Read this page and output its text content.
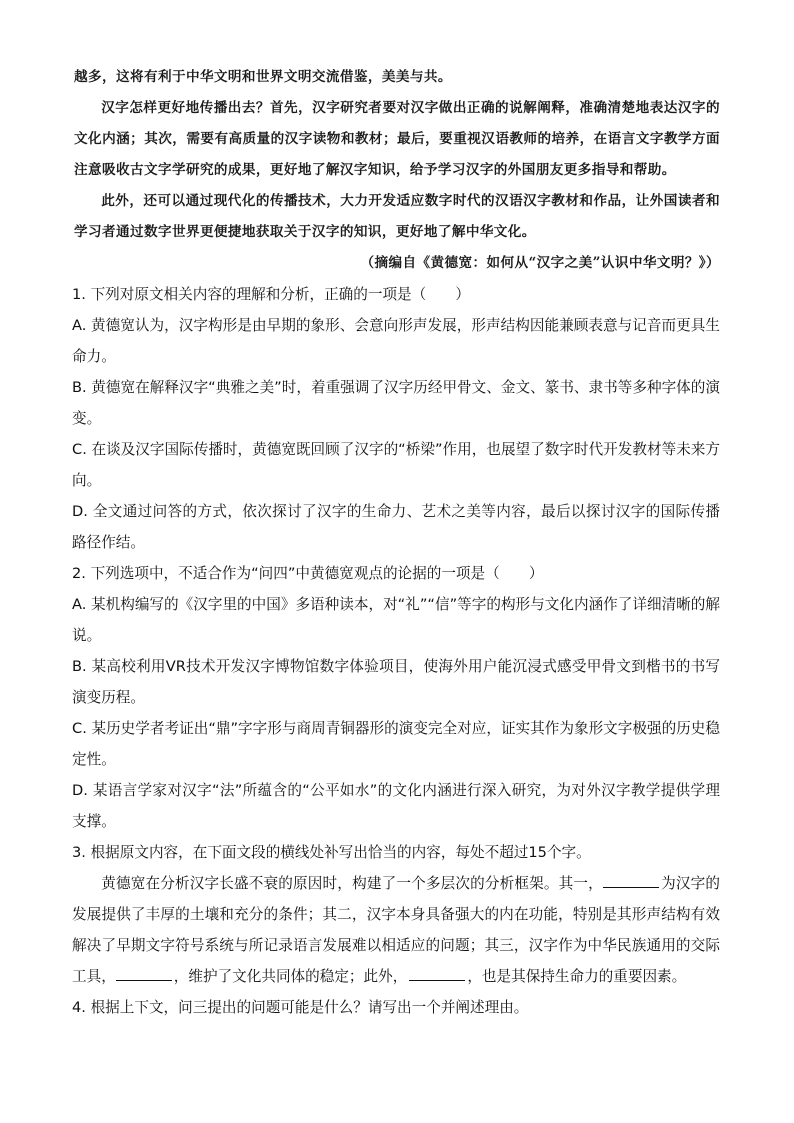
越多，这将有利于中华文明和世界文明交流借鉴，美美与共。

汉字怎样更好地传播出去？首先，汉字研究者要对汉字做出正确的说解阐释，准确清楚地表达汉字的文化内涵；其次，需要有高质量的汉字读物和教材；最后，要重视汉语教师的培养，在语言文字教学方面注意吸收古文字学研究的成果，更好地了解汉字知识，给予学习汉字的外国朋友更多指导和帮助。

此外，还可以通过现代化的传播技术，大力开发适应数字时代的汉语汉字教材和作品，让外国读者和学习者通过数字世界更便捷地获取关于汉字的知识，更好地了解中华文化。

（摘编自《黄德宽：如何从“汉字之美”认识中华文明？》）

1. 下列对原文相关内容的理解和分析，正确的一项是（　　）

A. 黄德宽认为，汉字构形是由早期的象形、会意向形声发展，形声结构因能兼顾表意与记音而更具生命力。

B. 黄德宽在解释汉字“典雅之美”时，着重强调了汉字历经甲骨文、金文、篆书、隶书等多种字体的演变。

C. 在谈及汉字国际传播时，黄德宽既回顾了汉字的“桥梁”作用，也展望了数字时代开发教材等未来方向。

D. 全文通过问答的方式，依次探讨了汉字的生命力、艺术之美等内容，最后以探讨汉字的国际传播路径作结。

2. 下列选项中，不适合作为“问四”中黄德宽观点的论据的一项是（　　）

A. 某机构编写的《汉字里的中国》多语种读本，对“礼”“信”等字的构形与文化内涵作了详细清晰的解说。

B. 某高校利用VR技术开发汉字博物馆数字体验项目，使海外用户能沉浸式感受甲骨文到楷书的书写演变历程。

C. 某历史学者考证出“鼎”字字形与商周青铜器形的演变完全对应，证实其作为象形文字极强的历史稳定性。

D. 某语言学家对汉字“法”所蕴含的“公平如水”的文化内涵进行深入研究，为对外汉字教学提供学理支撑。

3. 根据原文内容，在下面文段的横线处补写出恰当的内容，每处不超过15个字。

黄德宽在分析汉字长盛不衰的原因时，构建了一个多层次的分析框架。其一，	为汉字的发展提供了丰厚的土壤和充分的条件；其二，汉字本身具备强大的内在功能，特别是其形声结构有效解决了早期文字符号系统与所记录语言发展难以相适应的问题；其三，汉字作为中华民族通用的交际工具，	，维护了文化共同体的稳定；此外，	，也是其保持生命力的重要因素。

4. 根据上下文，问三提出的问题可能是什么？请写出一个并阐述理由。
